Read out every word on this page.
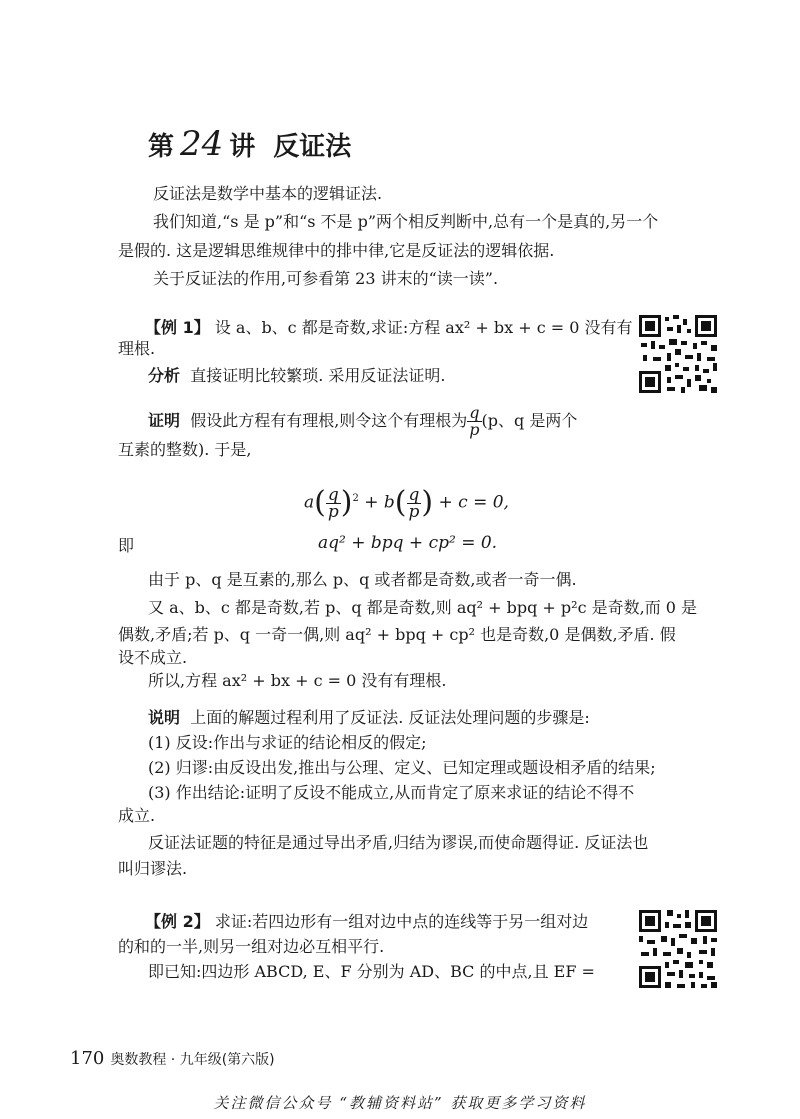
第 24 讲 反证法
反证法是数学中基本的逻辑证法.
我们知道,“s 是 p”和“s 不是 p”两个相反判断中,总有一个是真的,另一个
是假的. 这是逻辑思维规律中的排中律,它是反证法的逻辑依据.
关于反证法的作用,可参看第 23 讲末的“读一读”.
【例 1】 设 a、b、c 都是奇数,求证:方程 ax² + bx + c = 0 没有有
理根.
分析 直接证明比较繁琐. 采用反证法证明.
证明 假设此方程有有理根,则令这个有理根为 $\frac{q}{p} (p$、q 是两个
互素的整数). 于是,
$a( \frac{q}{p} )^2 + b( \frac{q}{p}$ ) + c = 0,
即	aq² + bpq + cp² = 0.
由于 p、q 是互素的,那么 p、q 或者都是奇数,或者一奇一偶.
又 a、b、c 都是奇数,若 p、q 都是奇数,则 aq² + bpq + p²c 是奇数,而 0 是
偶数,矛盾;若 p、q 一奇一偶,则 aq² + bpq + cp² 也是奇数,0 是偶数,矛盾. 假
设不成立.
所以,方程 ax² + bx + c = 0 没有有理根.
说明 上面的解题过程利用了反证法. 反证法处理问题的步骤是:
(1) 反设:作出与求证的结论相反的假定;
(2) 归谬:由反设出发,推出与公理、定义、已知定理或题设相矛盾的结果;
(3) 作出结论:证明了反设不能成立,从而肯定了原来求证的结论不得不
成立.
反证法证题的特征是通过导出矛盾,归结为谬误,而使命题得证. 反证法也
叫归谬法.
【例 2】 求证:若四边形有一组对边中点的连线等于另一组对边
的和的一半,则另一组对边必互相平行.
即已知:四边形 ABCD, E、F 分别为 AD、BC 的中点,且 EF =
170 奥数教程 · 九年级(第六版)
关注微信公众号 “教辅资料站” 获取更多学习资料
